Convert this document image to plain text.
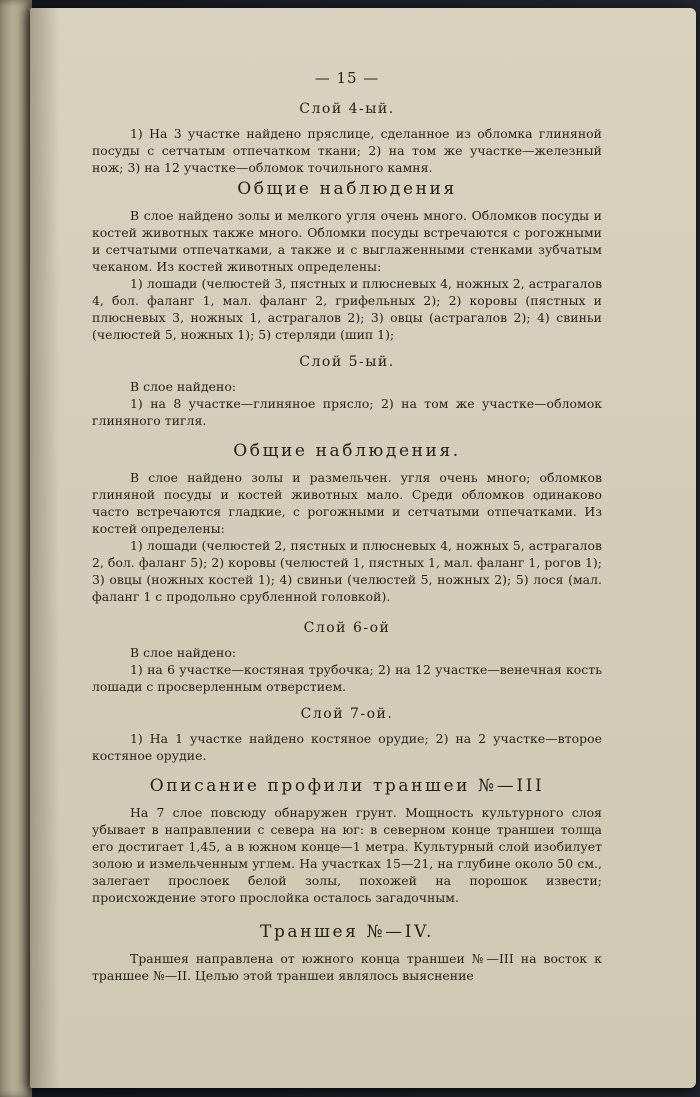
— 15 —
Слой 4-ый.

1) На 3 участке найдено пряслице, сделанное из обломка глиняной посуды с сетчатым отпечатком ткани; 2) на том же участке—железный нож; 3) на 12 участке—обломок точильного камня.

Общие наблюдения

В слое найдено золы и мелкого угля очень много. Обломков посуды и костей животных также много. Обломки посуды встречаются с рогожными и сетчатыми отпечатками, а также и с выглаженными стенками зубчатым чеканом. Из костей животных определены:

1) лошади (челюстей 3, пястных и плюсневых 4, ножных 2, астрагалов 4, бол. фаланг 1, мал. фаланг 2, грифельных 2); 2) коровы (пястных и плюсневых 3, ножных 1, астрагалов 2); 3) овцы (астрагалов 2); 4) свиньи (челюстей 5, ножных 1); 5) стерляди (шип 1);

Слой 5-ый.

В слое найдено:

1) на 8 участке—глиняное пряслo; 2) на том же участке—обломок глиняного тигля.

Общие наблюдения.

В слое найдено золы и размельчен. угля очень много; обломков глиняной посуды и костей животных мало. Среди обломков одинаково часто встречаются гладкие, с рогожными и сетчатыми отпечатками. Из костей определены:

1) лошади (челюстей 2, пястных и плюсневых 4, ножных 5, астрагалов 2, бол. фаланг 5); 2) коровы (челюстей 1, пястных 1, мал. фаланг 1, рогов 1); 3) овцы (ножных костей 1); 4) свиньи (челюстей 5, ножных 2); 5) лося (мал. фаланг 1 с продольно срубленной головкой).

Слой 6-ой

В слое найдено:

1) на 6 участке—костяная трубочка; 2) на 12 участке—венечная кость лошади с просверленным отверстием.

Слой 7-ой.

1) На 1 участке найдено костяное орудие; 2) на 2 участке—второе костяное орудие.

Описание профили траншеи №—III

На 7 слое повсюду обнаружен грунт. Мощность культурного слоя убывает в направлении с севера на юг: в северном конце траншеи толща его достигает 1,45, а в южном конце—1 метра. Культурный слой изобилует золою и измельченным углем. На участках 15—21, на глубине около 50 см., залегает прослоек белой золы, похожей на порошок извести; происхождение этого прослойка осталось загадочным.

Траншея №—IV.

Траншея направлена от южного конца траншеи №—III на восток к траншее №—II. Целью этой траншеи являлось выяснение
